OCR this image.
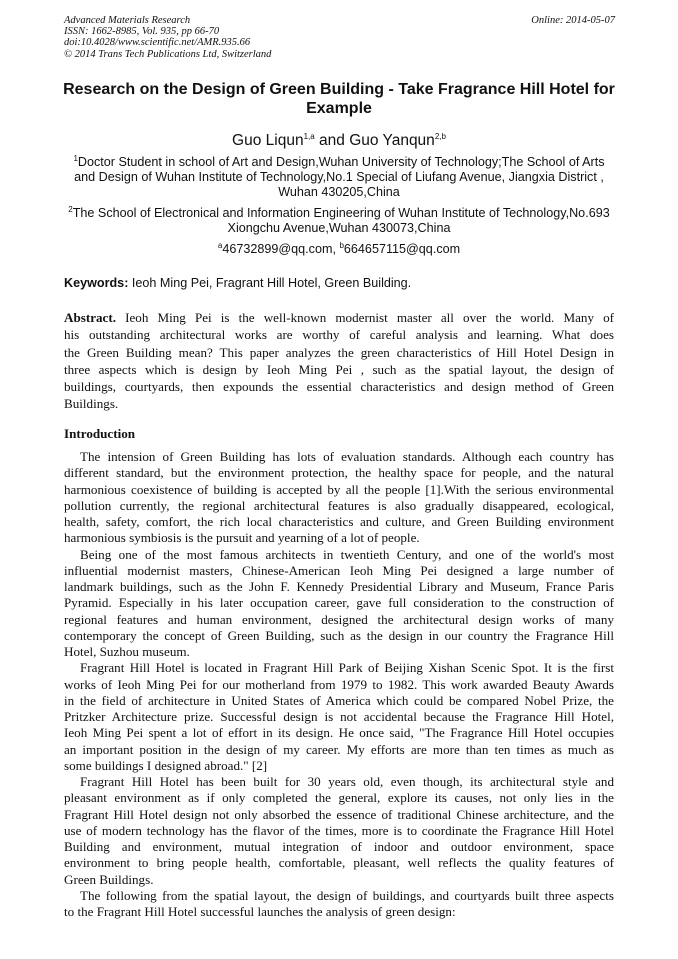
Advanced Materials Research
ISSN: 1662-8985, Vol. 935, pp 66-70
doi:10.4028/www.scientific.net/AMR.935.66
© 2014 Trans Tech Publications Ltd, Switzerland
Online: 2014-05-07
Research on the Design of Green Building - Take Fragrance Hill Hotel for
Example
Guo Liqun$^{1,a}$ and Guo Yanqun$^{2,b}$
$^1$Doctor Student in school of Art and Design,Wuhan University of Technology;The School of Arts
and Design of Wuhan Institute of Technology,No.1 Special of Liufang Avenue, Jiangxia District ,
Wuhan 430205,China
$^2$The School of Electronical and Information Engineering of Wuhan Institute of Technology,No.693
Xiongchu Avenue,Wuhan 430073,China
$^a$46732899@qq.com, $^b$664657115@qq.com
Keywords: Ieoh Ming Pei, Fragrant Hill Hotel, Green Building.
Abstract. Ieoh Ming Pei is the well-known modernist master all over the world. Many of
his outstanding architectural works are worthy of careful analysis and learning. What does
the Green Building mean? This paper analyzes the green characteristics of Hill Hotel Design in
three aspects which is design by Ieoh Ming Pei , such as the spatial layout, the design of
buildings, courtyards, then expounds the essential characteristics and design method of Green
Buildings.
Introduction
The intension of Green Building has lots of evaluation standards. Although each country has
different standard, but the environment protection, the healthy space for people, and the natural
harmonious coexistence of building is accepted by all the people [1].With the serious environmental
pollution currently, the regional architectural features is also gradually disappeared, ecological,
health, safety, comfort, the rich local characteristics and culture, and Green Building environment
harmonious symbiosis is the pursuit and yearning of a lot of people.
Being one of the most famous architects in twentieth Century, and one of the world's most
influential modernist masters, Chinese-American Ieoh Ming Pei designed a large number of
landmark buildings, such as the John F. Kennedy Presidential Library and Museum, France Paris
Pyramid. Especially in his later occupation career, gave full consideration to the construction of
regional features and human environment, designed the architectural design works of many
contemporary the concept of Green Building, such as the design in our country the Fragrance Hill
Hotel, Suzhou museum.
Fragrant Hill Hotel is located in Fragrant Hill Park of Beijing Xishan Scenic Spot. It is the first
works of Ieoh Ming Pei for our motherland from 1979 to 1982. This work awarded Beauty Awards
in the field of architecture in United States of America which could be compared Nobel Prize, the
Pritzker Architecture prize. Successful design is not accidental because the Fragrance Hill Hotel,
Ieoh Ming Pei spent a lot of effort in its design. He once said, "The Fragrance Hill Hotel occupies
an important position in the design of my career. My efforts are more than ten times as much as
some buildings I designed abroad." [2]
Fragrant Hill Hotel has been built for 30 years old, even though, its architectural style and
pleasant environment as if only completed the general, explore its causes, not only lies in the
Fragrant Hill Hotel design not only absorbed the essence of traditional Chinese architecture, and the
use of modern technology has the flavor of the times, more is to coordinate the Fragrance Hill Hotel
Building and environment, mutual integration of indoor and outdoor environment, space
environment to bring people health, comfortable, pleasant, well reflects the quality features of
Green Buildings.
The following from the spatial layout, the design of buildings, and courtyards built three aspects
to the Fragrant Hill Hotel successful launches the analysis of green design:
